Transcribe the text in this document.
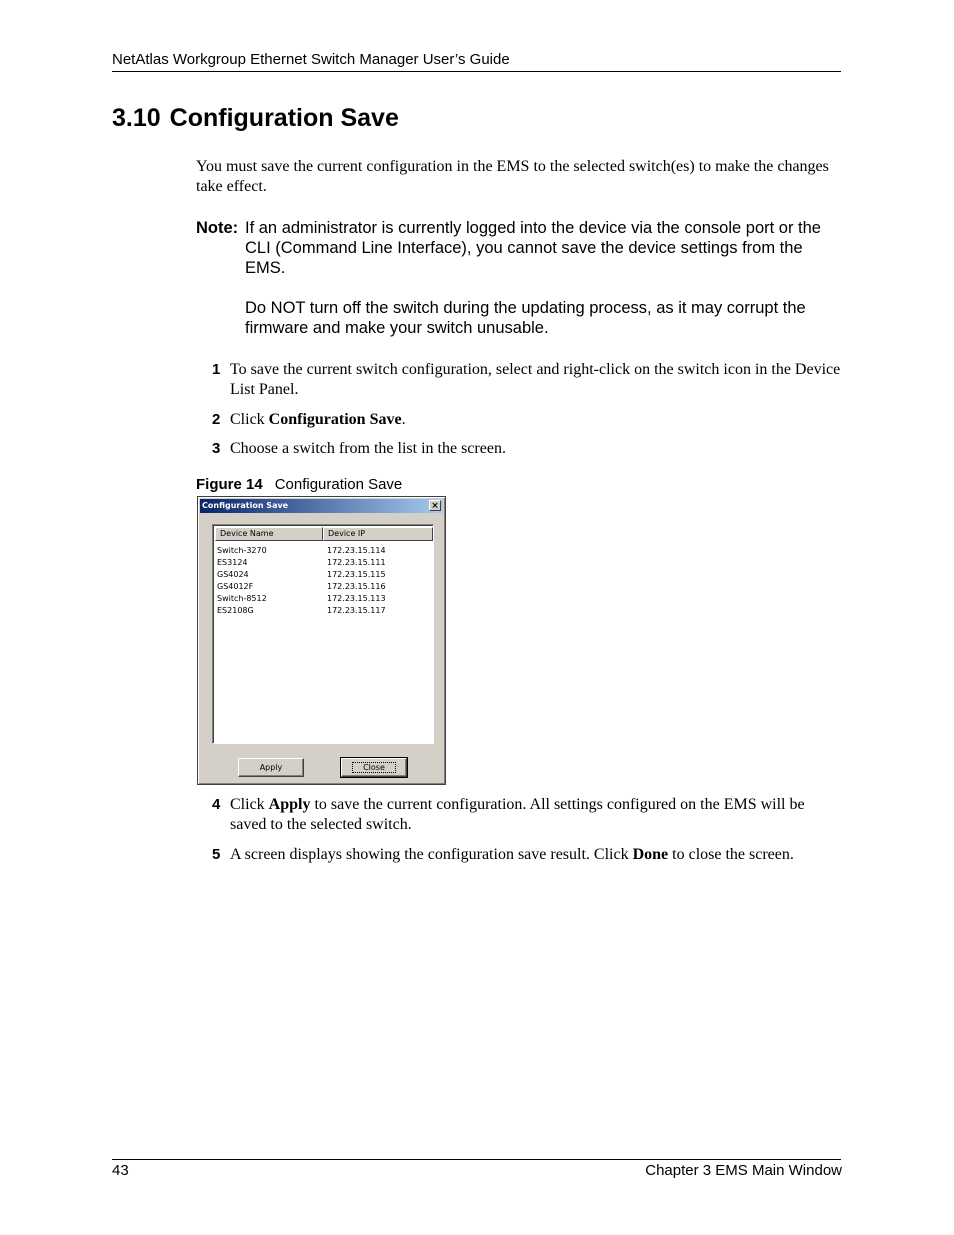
NetAtlas Workgroup Ethernet Switch Manager User’s Guide
3.10 Configuration Save
You must save the current configuration in the EMS to the selected switch(es) to make the changes take effect.
Note: If an administrator is currently logged into the device via the console port or the CLI (Command Line Interface), you cannot save the device settings from the EMS.
Do NOT turn off the switch during the updating process, as it may corrupt the firmware and make your switch unusable.
1 To save the current switch configuration, select and right-click on the switch icon in the Device List Panel.
2 Click Configuration Save.
3 Choose a switch from the list in the screen.
Figure 14 Configuration Save
Configuration Save	×
Device Name	Device IP
Switch-3270	172.23.15.114
ES3124	172.23.15.111
GS4024	172.23.15.115
GS4012F	172.23.15.116
Switch-8512	172.23.15.113
ES2108G	172.23.15.117
Apply	Close
4 Click Apply to save the current configuration. All settings configured on the EMS will be saved to the selected switch.
5 A screen displays showing the configuration save result. Click Done to close the screen.
43	Chapter 3 EMS Main Window
